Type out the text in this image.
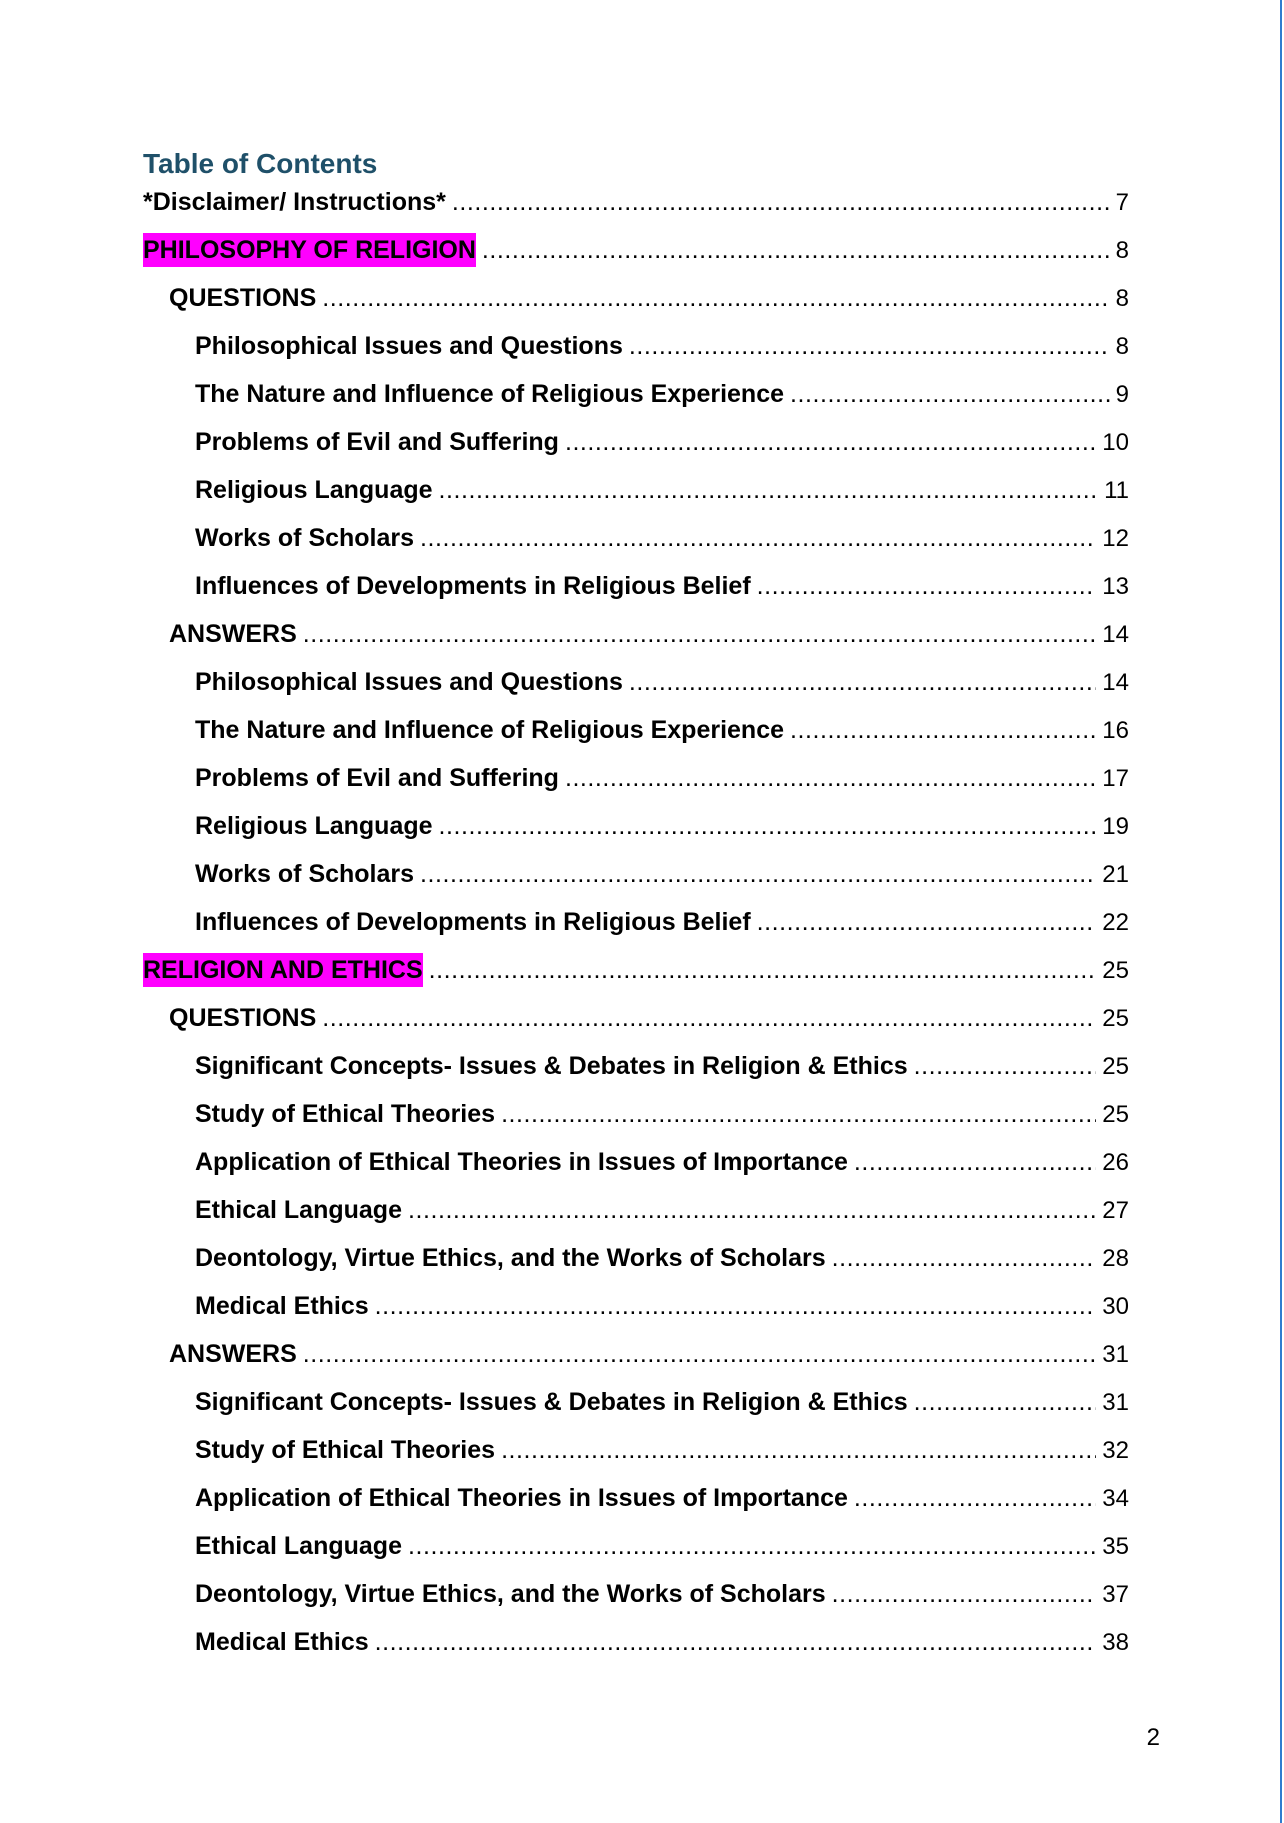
Table of Contents
*Disclaimer/ Instructions* . . .	7
PHILOSOPHY OF RELIGION . . .	8
QUESTIONS . . .	8
Philosophical Issues and Questions . . .	8
The Nature and Influence of Religious Experience . . .	9
Problems of Evil and Suffering . . .	10
Religious Language . . .	11
Works of Scholars . . .	12
Influences of Developments in Religious Belief . . .	13
ANSWERS . . .	14
Philosophical Issues and Questions . . .	14
The Nature and Influence of Religious Experience . . .	16
Problems of Evil and Suffering . . .	17
Religious Language . . .	19
Works of Scholars . . .	21
Influences of Developments in Religious Belief . . .	22
RELIGION AND ETHICS . . .	25
QUESTIONS . . .	25
Significant Concepts- Issues & Debates in Religion & Ethics . . .	25
Study of Ethical Theories . . .	25
Application of Ethical Theories in Issues of Importance . . .	26
Ethical Language . . .	27
Deontology, Virtue Ethics, and the Works of Scholars . . .	28
Medical Ethics . . .	30
ANSWERS . . .	31
Significant Concepts- Issues & Debates in Religion & Ethics . . .	31
Study of Ethical Theories . . .	32
Application of Ethical Theories in Issues of Importance . . .	34
Ethical Language . . .	35
Deontology, Virtue Ethics, and the Works of Scholars . . .	37
Medical Ethics . . .	38
2
